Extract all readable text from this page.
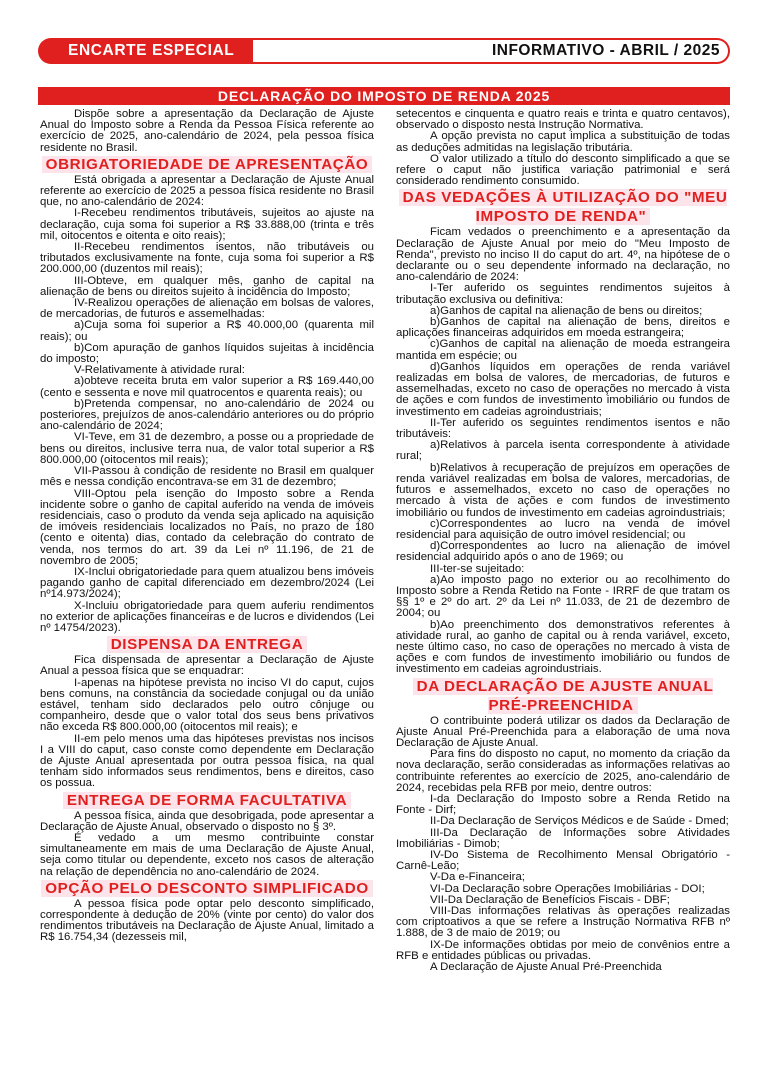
ENCARTE ESPECIAL	INFORMATIVO - ABRIL / 2025
DECLARAÇÃO DO IMPOSTO DE RENDA 2025

Dispõe sobre a apresentação da Declaração de Ajuste Anual do Imposto sobre a Renda da Pessoa Física referente ao exercício de 2025, ano-calendário de 2024, pela pessoa física residente no Brasil.

OBRIGATORIEDADE DE APRESENTAÇÃO

Está obrigada a apresentar a Declaração de Ajuste Anual referente ao exercício de 2025 a pessoa física residente no Brasil que, no ano-calendário de 2024:

I-Recebeu rendimentos tributáveis, sujeitos ao ajuste na declaração, cuja soma foi superior a R$ 33.888,00 (trinta e três mil, oitocentos e oitenta e oito reais);

II-Recebeu rendimentos isentos, não tributáveis ou tributados exclusivamente na fonte, cuja soma foi superior a R$ 200.000,00 (duzentos mil reais);

III-Obteve, em qualquer mês, ganho de capital na alienação de bens ou direitos sujeito à incidência do Imposto;

IV-Realizou operações de alienação em bolsas de valores, de mercadorias, de futuros e assemelhadas:

a)Cuja soma foi superior a R$ 40.000,00 (quarenta mil reais); ou

b)Com apuração de ganhos líquidos sujeitas à incidência do imposto;

V-Relativamente à atividade rural:

a)obteve receita bruta em valor superior a R$ 169.440,00 (cento e sessenta e nove mil quatrocentos e quarenta reais); ou

b)Pretenda compensar, no ano-calendário de 2024 ou posteriores, prejuízos de anos-calendário anteriores ou do próprio ano-calendário de 2024;

VI-Teve, em 31 de dezembro, a posse ou a propriedade de bens ou direitos, inclusive terra nua, de valor total superior a R$ 800.000,00 (oitocentos mil reais);

VII-Passou à condição de residente no Brasil em qualquer mês e nessa condição encontrava-se em 31 de dezembro;

VIII-Optou pela isenção do Imposto sobre a Renda incidente sobre o ganho de capital auferido na venda de imóveis residenciais, caso o produto da venda seja aplicado na aquisição de imóveis residenciais localizados no País, no prazo de 180 (cento e oitenta) dias, contado da celebração do contrato de venda, nos termos do art. 39 da Lei nº 11.196, de 21 de novembro de 2005;

IX-Inclui obrigatoriedade para quem atualizou bens imóveis pagando ganho de capital diferenciado em dezembro/2024 (Lei nº14.973/2024);

X-Incluiu obrigatoriedade para quem auferiu rendimentos no exterior de aplicações financeiras e de lucros e dividendos (Lei nº 14754/2023).

DISPENSA DA ENTREGA

Fica dispensada de apresentar a Declaração de Ajuste Anual a pessoa física que se enquadrar:

I-apenas na hipótese prevista no inciso VI do caput, cujos bens comuns, na constância da sociedade conjugal ou da união estável, tenham sido declarados pelo outro cônjuge ou companheiro, desde que o valor total dos seus bens privativos não exceda R$ 800.000,00 (oitocentos mil reais); e

II-em pelo menos uma das hipóteses previstas nos incisos I a VIII do caput, caso conste como dependente em Declaração de Ajuste Anual apresentada por outra pessoa física, na qual tenham sido informados seus rendimentos, bens e direitos, caso os possua.

ENTREGA DE FORMA FACULTATIVA

A pessoa física, ainda que desobrigada, pode apresentar a Declaração de Ajuste Anual, observado o disposto no § 3º.

É vedado a um mesmo contribuinte constar simultaneamente em mais de uma Declaração de Ajuste Anual, seja como titular ou dependente, exceto nos casos de alteração na relação de dependência no ano-calendário de 2024.

OPÇÃO PELO DESCONTO SIMPLIFICADO

A pessoa física pode optar pelo desconto simplificado, correspondente à dedução de 20% (vinte por cento) do valor dos rendimentos tributáveis na Declaração de Ajuste Anual, limitado a R$ 16.754,34 (dezesseis mil,

setecentos e cinquenta e quatro reais e trinta e quatro centavos), observado o disposto nesta Instrução Normativa.

A opção prevista no caput implica a substituição de todas as deduções admitidas na legislação tributária.

O valor utilizado a título do desconto simplificado a que se refere o caput não justifica variação patrimonial e será considerado rendimento consumido.

DAS VEDAÇÕES À UTILIZAÇÃO DO "MEU IMPOSTO DE RENDA"

Ficam vedados o preenchimento e a apresentação da Declaração de Ajuste Anual por meio do "Meu Imposto de Renda", previsto no inciso II do caput do art. 4º, na hipótese de o declarante ou o seu dependente informado na declaração, no ano-calendário de 2024:

I-Ter auferido os seguintes rendimentos sujeitos à tributação exclusiva ou definitiva:

a)Ganhos de capital na alienação de bens ou direitos;

b)Ganhos de capital na alienação de bens, direitos e aplicações financeiras adquiridos em moeda estrangeira;

c)Ganhos de capital na alienação de moeda estrangeira mantida em espécie; ou

d)Ganhos líquidos em operações de renda variável realizadas em bolsa de valores, de mercadorias, de futuros e assemelhadas, exceto no caso de operações no mercado à vista de ações e com fundos de investimento imobiliário ou fundos de investimento em cadeias agroindustriais;

II-Ter auferido os seguintes rendimentos isentos e não tributáveis:

a)Relativos à parcela isenta correspondente à atividade rural;

b)Relativos à recuperação de prejuízos em operações de renda variável realizadas em bolsa de valores, mercadorias, de futuros e assemelhados, exceto no caso de operações no mercado à vista de ações e com fundos de investimento imobiliário ou fundos de investimento em cadeias agroindustriais;

c)Correspondentes ao lucro na venda de imóvel residencial para aquisição de outro imóvel residencial; ou

d)Correspondentes ao lucro na alienação de imóvel residencial adquirido após o ano de 1969; ou

III-ter-se sujeitado:

a)Ao imposto pago no exterior ou ao recolhimento do Imposto sobre a Renda Retido na Fonte - IRRF de que tratam os §§ 1º e 2º do art. 2º da Lei nº 11.033, de 21 de dezembro de 2004; ou

b)Ao preenchimento dos demonstrativos referentes à atividade rural, ao ganho de capital ou à renda variável, exceto, neste último caso, no caso de operações no mercado à vista de ações e com fundos de investimento imobiliário ou fundos de investimento em cadeias agroindustriais.

DA DECLARAÇÃO DE AJUSTE ANUAL PRÉ-PREENCHIDA

O contribuinte poderá utilizar os dados da Declaração de Ajuste Anual Pré-Preenchida para a elaboração de uma nova Declaração de Ajuste Anual.

Para fins do disposto no caput, no momento da criação da nova declaração, serão consideradas as informações relativas ao contribuinte referentes ao exercício de 2025, ano-calendário de 2024, recebidas pela RFB por meio, dentre outros:

I-da Declaração do Imposto sobre a Renda Retido na Fonte - Dirf;

II-Da Declaração de Serviços Médicos e de Saúde - Dmed;

III-Da Declaração de Informações sobre Atividades Imobiliárias - Dimob;

IV-Do Sistema de Recolhimento Mensal Obrigatório - Carnê-Leão;

V-Da e-Financeira;

VI-Da Declaração sobre Operações Imobiliárias - DOI;

VII-Da Declaração de Benefícios Fiscais - DBF;

VIII-Das informações relativas às operações realizadas com criptoativos a que se refere a Instrução Normativa RFB nº 1.888, de 3 de maio de 2019; ou

IX-De informações obtidas por meio de convênios entre a RFB e entidades públicas ou privadas.

A Declaração de Ajuste Anual Pré-Preenchida
